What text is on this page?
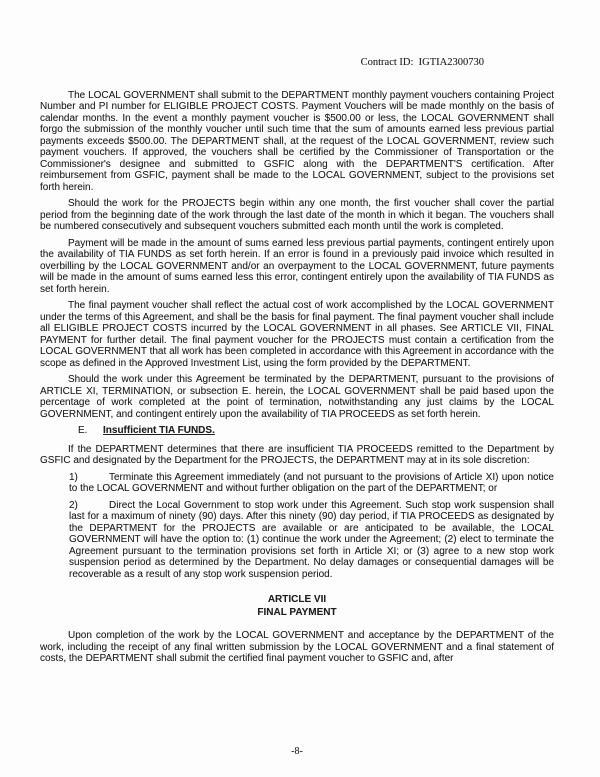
Contract ID:  IGTIA2300730

The LOCAL GOVERNMENT shall submit to the DEPARTMENT monthly payment vouchers containing Project Number and PI number for ELIGIBLE PROJECT COSTS. Payment Vouchers will be made monthly on the basis of calendar months. In the event a monthly payment voucher is $500.00 or less, the LOCAL GOVERNMENT shall forgo the submission of the monthly voucher until such time that the sum of amounts earned less previous partial payments exceeds $500.00. The DEPARTMENT shall, at the request of the LOCAL GOVERNMENT, review such payment vouchers. If approved, the vouchers shall be certified by the Commissioner of Transportation or the Commissioner's designee and submitted to GSFIC along with the DEPARTMENT'S certification. After reimbursement from GSFIC, payment shall be made to the LOCAL GOVERNMENT, subject to the provisions set forth herein.

Should the work for the PROJECTS begin within any one month, the first voucher shall cover the partial period from the beginning date of the work through the last date of the month in which it began. The vouchers shall be numbered consecutively and subsequent vouchers submitted each month until the work is completed.

Payment will be made in the amount of sums earned less previous partial payments, contingent entirely upon the availability of TIA FUNDS as set forth herein. If an error is found in a previously paid invoice which resulted in overbilling by the LOCAL GOVERNMENT and/or an overpayment to the LOCAL GOVERNMENT, future payments will be made in the amount of sums earned less this error, contingent entirely upon the availability of TIA FUNDS as set forth herein.

The final payment voucher shall reflect the actual cost of work accomplished by the LOCAL GOVERNMENT under the terms of this Agreement, and shall be the basis for final payment. The final payment voucher shall include all ELIGIBLE PROJECT COSTS incurred by the LOCAL GOVERNMENT in all phases. See ARTICLE VII, FINAL PAYMENT for further detail. The final payment voucher for the PROJECTS must contain a certification from the LOCAL GOVERNMENT that all work has been completed in accordance with this Agreement in accordance with the scope as defined in the Approved Investment List, using the form provided by the DEPARTMENT.

Should the work under this Agreement be terminated by the DEPARTMENT, pursuant to the provisions of ARTICLE XI, TERMINATION, or subsection E. herein, the LOCAL GOVERNMENT shall be paid based upon the percentage of work completed at the point of termination, notwithstanding any just claims by the LOCAL GOVERNMENT, and contingent entirely upon the availability of TIA PROCEEDS as set forth herein.

E. Insufficient TIA FUNDS.

If the DEPARTMENT determines that there are insufficient TIA PROCEEDS remitted to the Department by GSFIC and designated by the Department for the PROJECTS, the DEPARTMENT may at in its sole discretion:

1)	Terminate this Agreement immediately (and not pursuant to the provisions of Article XI) upon notice to the LOCAL GOVERNMENT and without further obligation on the part of the DEPARTMENT; or
2)	Direct the Local Government to stop work under this Agreement. Such stop work suspension shall last for a maximum of ninety (90) days. After this ninety (90) day period, if TIA PROCEEDS as designated by the DEPARTMENT for the PROJECTS are available or are anticipated to be available, the LOCAL GOVERNMENT will have the option to: (1) continue the work under the Agreement; (2) elect to terminate the Agreement pursuant to the termination provisions set forth in Article XI; or (3) agree to a new stop work suspension period as determined by the Department. No delay damages or consequential damages will be recoverable as a result of any stop work suspension period.
ARTICLE VII
FINAL PAYMENT

Upon completion of the work by the LOCAL GOVERNMENT and acceptance by the DEPARTMENT of the work, including the receipt of any final written submission by the LOCAL GOVERNMENT and a final statement of costs, the DEPARTMENT shall submit the certified final payment voucher to GSFIC and, after

-8-
